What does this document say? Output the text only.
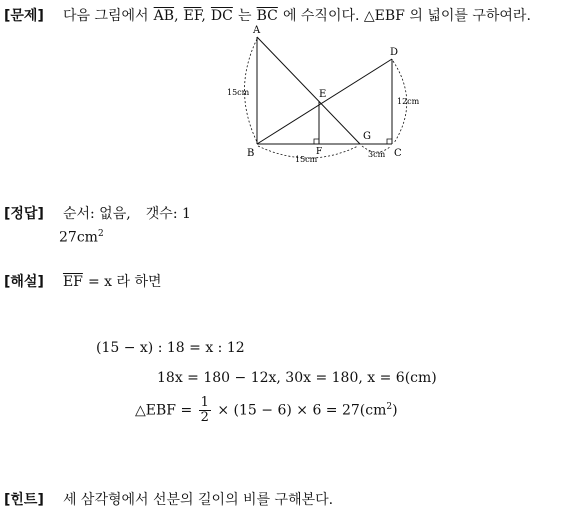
[문제] 다음 그림에서 $\overline{AB}$, $\overline{EF}$, $\overline{DC}$ 는 $\overline{BC}$ 에 수직이다. △EBF 의 넓이를 구하여라.
A
B	C
D
E
F
G
15cm
12cm
15cm
3cm
[정답] 순서: 없음, 갯수: 1
$27cm^2$
[해설] $\overline{EF} = x$ 라 하면
(15 − x) : 18 = x : 12
18x = 180 − 12x, 30x = 180, x = 6(cm)
△EBF = $\frac{1}{2} \times (15 - 6) \times 6 = 27(cm^2)$
[힌트] 세 삼각형에서 선분의 길이의 비를 구해본다.
